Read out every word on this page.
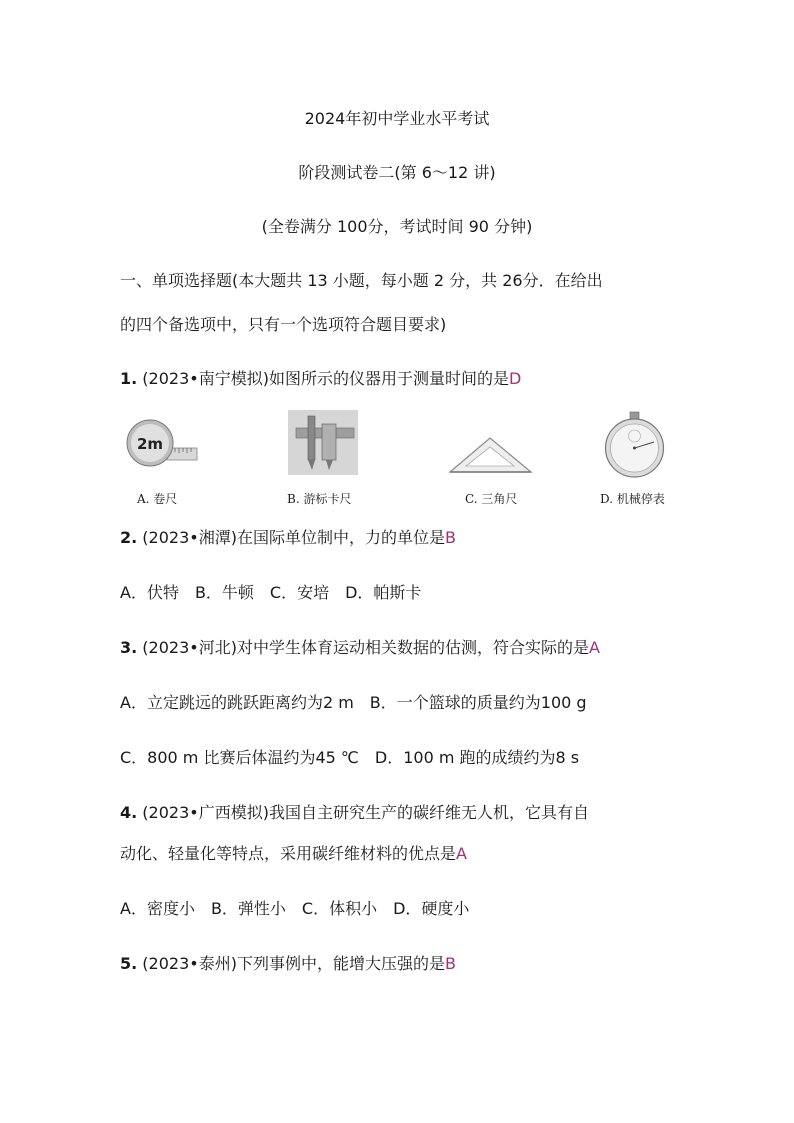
2024年初中学业水平考试
阶段测试卷二(第 6～12 讲)
(全卷满分 100分，考试时间 90 分钟)
一、单项选择题(本大题共 13 小题，每小题 2 分，共 26分．在给出
的四个备选项中，只有一个选项符合题目要求)
1. (2023•南宁模拟)如图所示的仪器用于测量时间的是D
2m
A. 卷尺	B. 游标卡尺	C. 三角尺	D. 机械停表
2. (2023•湘潭)在国际单位制中，力的单位是B
A．伏特　B．牛顿　C．安培　D．帕斯卡
3. (2023•河北)对中学生体育运动相关数据的估测，符合实际的是A
A．立定跳远的跳跃距离约为2 m　B．一个篮球的质量约为100 g
C．800 m 比赛后体温约为45 ℃　D．100 m 跑的成绩约为8 s
4. (2023•广西模拟)我国自主研究生产的碳纤维无人机，它具有自
动化、轻量化等特点，采用碳纤维材料的优点是A
A．密度小　B．弹性小　C．体积小　D．硬度小
5. (2023•泰州)下列事例中，能增大压强的是B
